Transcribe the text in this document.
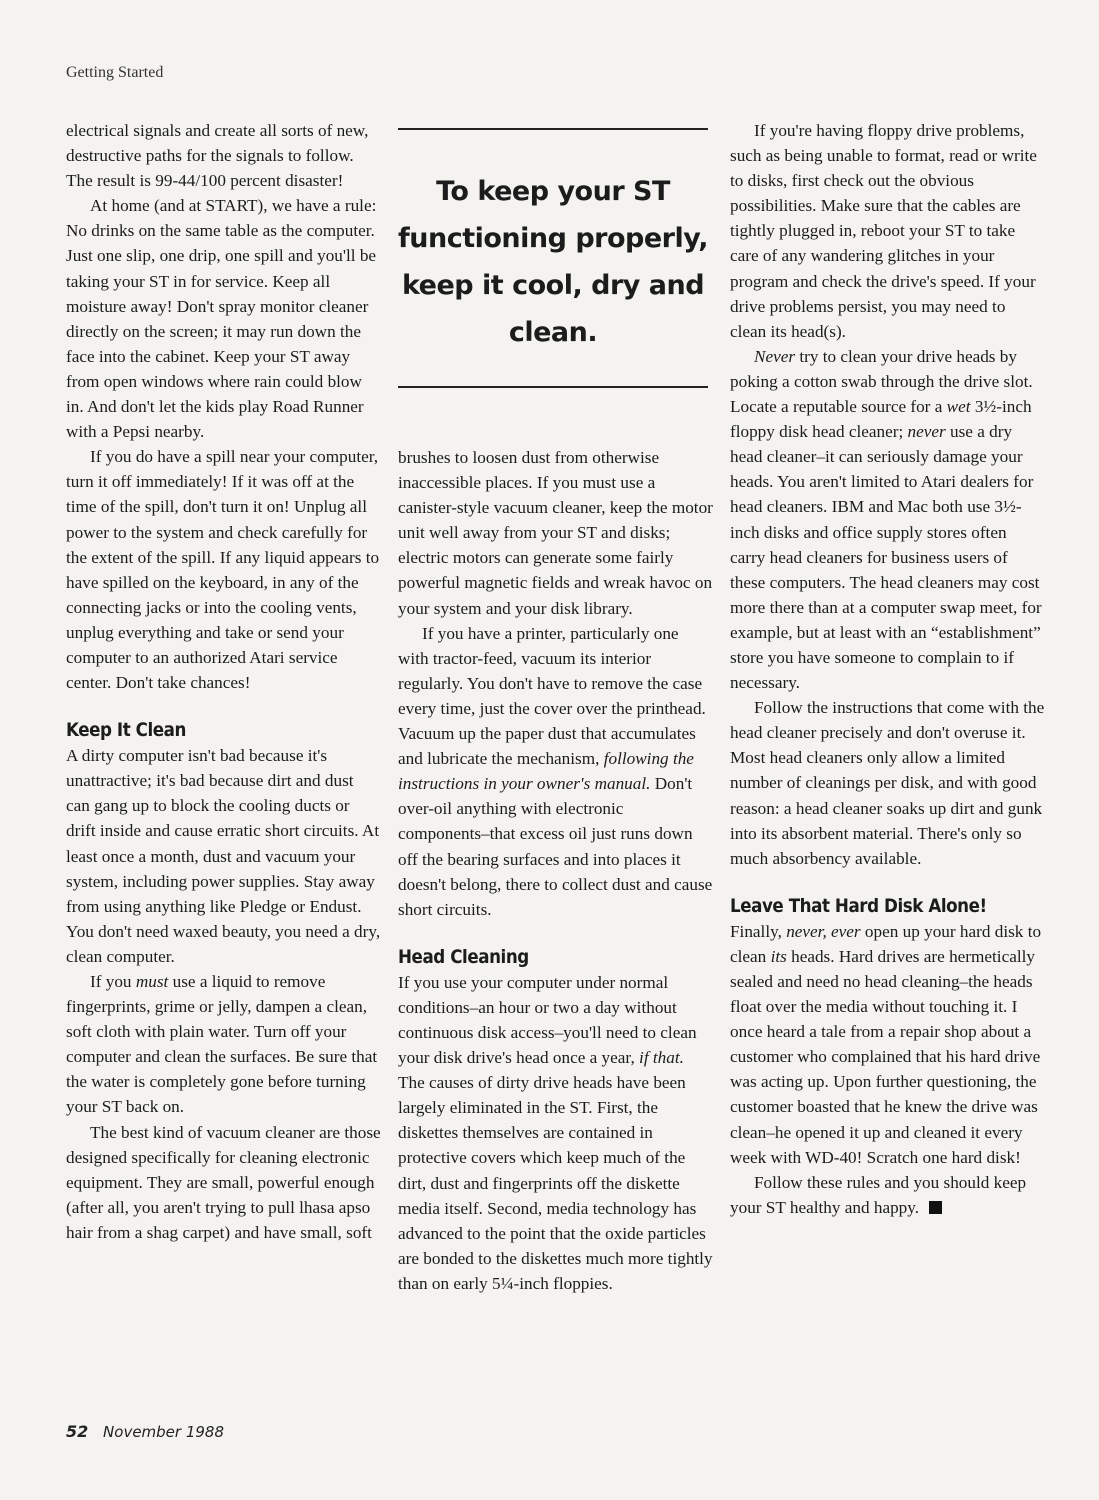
Getting Started

electrical signals and create all sorts of new, destructive paths for the signals to follow. The result is 99-44/100 percent disaster!

At home (and at START), we have a rule: No drinks on the same table as the computer. Just one slip, one drip, one spill and you'll be taking your ST in for service. Keep all moisture away! Don't spray monitor cleaner directly on the screen; it may run down the face into the cabinet. Keep your ST away from open windows where rain could blow in. And don't let the kids play Road Runner with a Pepsi nearby.

If you do have a spill near your computer, turn it off immediately! If it was off at the time of the spill, don't turn it on! Unplug all power to the system and check carefully for the extent of the spill. If any liquid appears to have spilled on the keyboard, in any of the connecting jacks or into the cooling vents, unplug everything and take or send your computer to an authorized Atari service center. Don't take chances!

Keep It Clean

A dirty computer isn't bad because it's unattractive; it's bad because dirt and dust can gang up to block the cooling ducts or drift inside and cause erratic short circuits. At least once a month, dust and vacuum your system, including power supplies. Stay away from using anything like Pledge or Endust. You don't need waxed beauty, you need a dry, clean computer.

If you must use a liquid to remove fingerprints, grime or jelly, dampen a clean, soft cloth with plain water. Turn off your computer and clean the surfaces. Be sure that the water is completely gone before turning your ST back on.

The best kind of vacuum cleaner are those designed specifically for cleaning electronic equipment. They are small, powerful enough (after all, you aren't trying to pull lhasa apso hair from a shag carpet) and have small, soft

To keep your ST functioning properly, keep it cool, dry and clean.

brushes to loosen dust from otherwise inaccessible places. If you must use a canister-style vacuum cleaner, keep the motor unit well away from your ST and disks; electric motors can generate some fairly powerful magnetic fields and wreak havoc on your system and your disk library.

If you have a printer, particularly one with tractor-feed, vacuum its interior regularly. You don't have to remove the case every time, just the cover over the printhead. Vacuum up the paper dust that accumulates and lubricate the mechanism, following the instructions in your owner's manual. Don't over-oil anything with electronic components–that excess oil just runs down off the bearing surfaces and into places it doesn't belong, there to collect dust and cause short circuits.

Head Cleaning

If you use your computer under normal conditions–an hour or two a day without continuous disk access–you'll need to clean your disk drive's head once a year, if that. The causes of dirty drive heads have been largely eliminated in the ST. First, the diskettes themselves are contained in protective covers which keep much of the dirt, dust and fingerprints off the diskette media itself. Second, media technology has advanced to the point that the oxide particles are bonded to the diskettes much more tightly than on early 5¼-inch floppies.

If you're having floppy drive problems, such as being unable to format, read or write to disks, first check out the obvious possibilities. Make sure that the cables are tightly plugged in, reboot your ST to take care of any wandering glitches in your program and check the drive's speed. If your drive problems persist, you may need to clean its head(s).

Never try to clean your drive heads by poking a cotton swab through the drive slot. Locate a reputable source for a wet 3½-inch floppy disk head cleaner; never use a dry head cleaner–it can seriously damage your heads. You aren't limited to Atari dealers for head cleaners. IBM and Mac both use 3½-inch disks and office supply stores often carry head cleaners for business users of these computers. The head cleaners may cost more there than at a computer swap meet, for example, but at least with an “establishment” store you have someone to complain to if necessary.

Follow the instructions that come with the head cleaner precisely and don't overuse it. Most head cleaners only allow a limited number of cleanings per disk, and with good reason: a head cleaner soaks up dirt and gunk into its absorbent material. There's only so much absorbency available.

Leave That Hard Disk Alone!

Finally, never, ever open up your hard disk to clean its heads. Hard drives are hermetically sealed and need no head cleaning–the heads float over the media without touching it. I once heard a tale from a repair shop about a customer who complained that his hard drive was acting up. Upon further questioning, the customer boasted that he knew the drive was clean–he opened it up and cleaned it every week with WD-40! Scratch one hard disk!

Follow these rules and you should keep your ST healthy and happy.

52 November 1988
